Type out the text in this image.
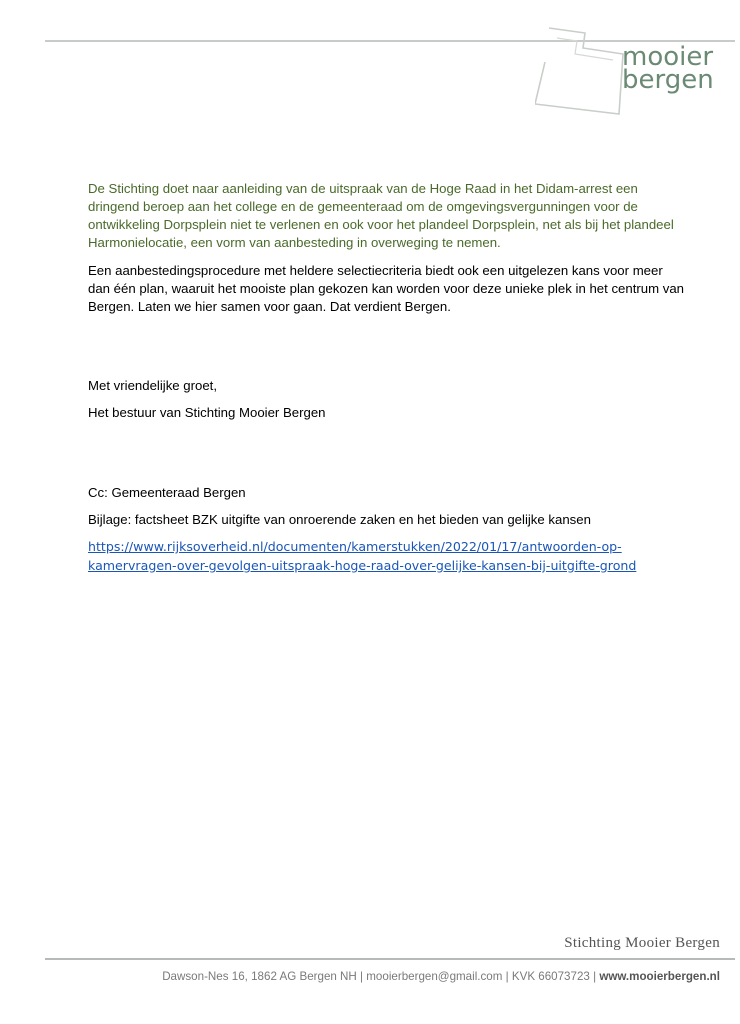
mooier
bergen
De Stichting doet naar aanleiding van de uitspraak van de Hoge Raad in het Didam-arrest een dringend beroep aan het college en de gemeenteraad om de omgevingsvergunningen voor de ontwikkeling Dorpsplein niet te verlenen en ook voor het plandeel Dorpsplein, net als bij het plandeel Harmonielocatie, een vorm van aanbesteding in overweging te nemen.
Een aanbestedingsprocedure met heldere selectiecriteria biedt ook een uitgelezen kans voor meer dan één plan, waaruit het mooiste plan gekozen kan worden voor deze unieke plek in het centrum van Bergen. Laten we hier samen voor gaan. Dat verdient Bergen.
Met vriendelijke groet,
Het bestuur van Stichting Mooier Bergen
Cc: Gemeenteraad Bergen
Bijlage: factsheet BZK uitgifte van onroerende zaken en het bieden van gelijke kansen
https://www.rijksoverheid.nl/documenten/kamerstukken/2022/01/17/antwoorden-op-kamervragen-over-gevolgen-uitspraak-hoge-raad-over-gelijke-kansen-bij-uitgifte-grond
Stichting Mooier Bergen
Dawson-Nes 16, 1862 AG Bergen NH | mooierbergen@gmail.com | KVK 66073723 | www.mooierbergen.nl
